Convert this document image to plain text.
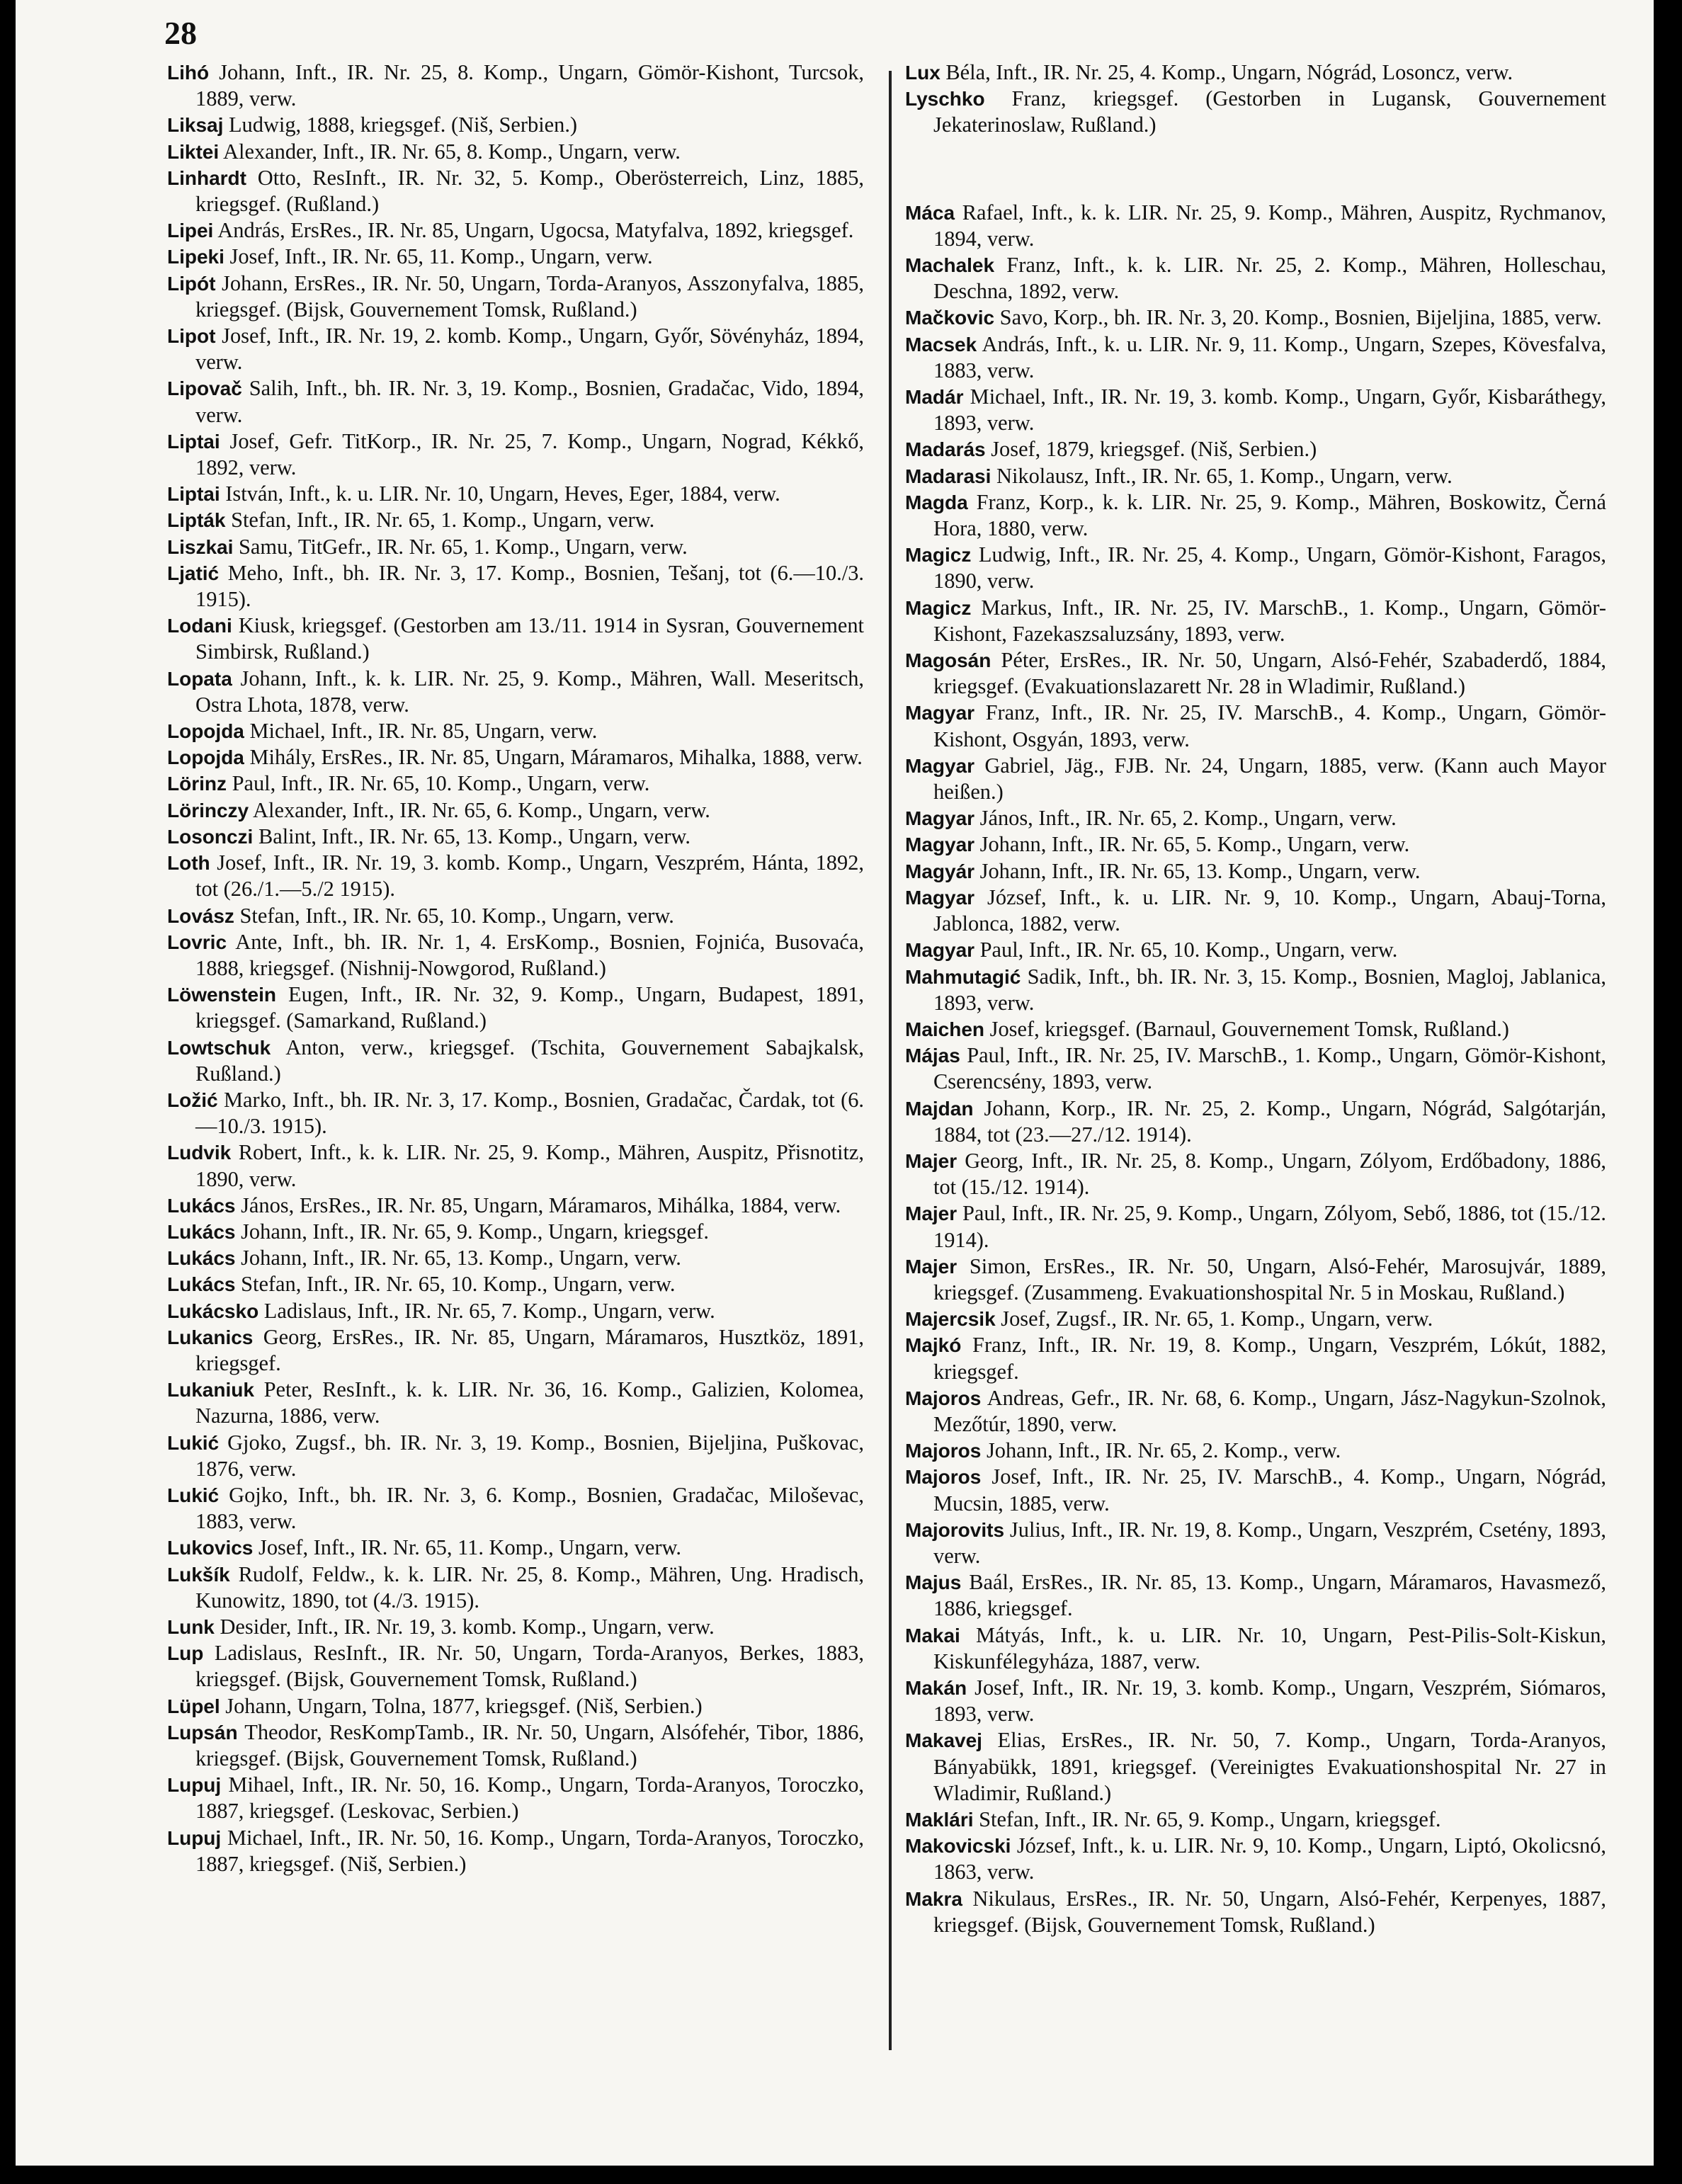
28

Lihó Johann, Inft., IR. Nr. 25, 8. Komp., Ungarn, Gömör-Kishont, Turcsok, 1889, verw.

Liksaj Ludwig, 1888, kriegsgef. (Niš, Serbien.)

Liktei Alexander, Inft., IR. Nr. 65, 8. Komp., Ungarn, verw.

Linhardt Otto, ResInft., IR. Nr. 32, 5. Komp., Oberösterreich, Linz, 1885, kriegsgef. (Rußland.)

Lipei András, ErsRes., IR. Nr. 85, Ungarn, Ugocsa, Matyfalva, 1892, kriegsgef.

Lipeki Josef, Inft., IR. Nr. 65, 11. Komp., Ungarn, verw.

Lipót Johann, ErsRes., IR. Nr. 50, Ungarn, Torda-Aranyos, Asszonyfalva, 1885, kriegsgef. (Bijsk, Gouvernement Tomsk, Rußland.)

Lipot Josef, Inft., IR. Nr. 19, 2. komb. Komp., Ungarn, Győr, Sövényház, 1894, verw.

Lipovač Salih, Inft., bh. IR. Nr. 3, 19. Komp., Bosnien, Gradačac, Vido, 1894, verw.

Liptai Josef, Gefr. TitKorp., IR. Nr. 25, 7. Komp., Ungarn, Nograd, Kékkő, 1892, verw.

Liptai István, Inft., k. u. LIR. Nr. 10, Ungarn, Heves, Eger, 1884, verw.

Lipták Stefan, Inft., IR. Nr. 65, 1. Komp., Ungarn, verw.

Liszkai Samu, TitGefr., IR. Nr. 65, 1. Komp., Ungarn, verw.

Ljatić Meho, Inft., bh. IR. Nr. 3, 17. Komp., Bosnien, Tešanj, tot (6.—10./3. 1915).

Lodani Kiusk, kriegsgef. (Gestorben am 13./11. 1914 in Sysran, Gouvernement Simbirsk, Rußland.)

Lopata Johann, Inft., k. k. LIR. Nr. 25, 9. Komp., Mähren, Wall. Meseritsch, Ostra Lhota, 1878, verw.

Lopojda Michael, Inft., IR. Nr. 85, Ungarn, verw.

Lopojda Mihály, ErsRes., IR. Nr. 85, Ungarn, Máramaros, Mihalka, 1888, verw.

Lörinz Paul, Inft., IR. Nr. 65, 10. Komp., Ungarn, verw.

Lörinczy Alexander, Inft., IR. Nr. 65, 6. Komp., Ungarn, verw.

Losonczi Balint, Inft., IR. Nr. 65, 13. Komp., Ungarn, verw.

Loth Josef, Inft., IR. Nr. 19, 3. komb. Komp., Ungarn, Veszprém, Hánta, 1892, tot (26./1.—5./2 1915).

Lovász Stefan, Inft., IR. Nr. 65, 10. Komp., Ungarn, verw.

Lovric Ante, Inft., bh. IR. Nr. 1, 4. ErsKomp., Bosnien, Fojnića, Busovaća, 1888, kriegsgef. (Nishnij-Nowgorod, Rußland.)

Löwenstein Eugen, Inft., IR. Nr. 32, 9. Komp., Ungarn, Budapest, 1891, kriegsgef. (Samarkand, Rußland.)

Lowtschuk Anton, verw., kriegsgef. (Tschita, Gouvernement Sabajkalsk, Rußland.)

Ložić Marko, Inft., bh. IR. Nr. 3, 17. Komp., Bosnien, Gradačac, Čardak, tot (6.—10./3. 1915).

Ludvik Robert, Inft., k. k. LIR. Nr. 25, 9. Komp., Mähren, Auspitz, Přisnotitz, 1890, verw.

Lukács János, ErsRes., IR. Nr. 85, Ungarn, Máramaros, Mihálka, 1884, verw.

Lukács Johann, Inft., IR. Nr. 65, 9. Komp., Ungarn, kriegsgef.

Lukács Johann, Inft., IR. Nr. 65, 13. Komp., Ungarn, verw.

Lukács Stefan, Inft., IR. Nr. 65, 10. Komp., Ungarn, verw.

Lukácsko Ladislaus, Inft., IR. Nr. 65, 7. Komp., Ungarn, verw.

Lukanics Georg, ErsRes., IR. Nr. 85, Ungarn, Máramaros, Husztköz, 1891, kriegsgef.

Lukaniuk Peter, ResInft., k. k. LIR. Nr. 36, 16. Komp., Galizien, Kolomea, Nazurna, 1886, verw.

Lukić Gjoko, Zugsf., bh. IR. Nr. 3, 19. Komp., Bosnien, Bijeljina, Puškovac, 1876, verw.

Lukić Gojko, Inft., bh. IR. Nr. 3, 6. Komp., Bosnien, Gradačac, Miloševac, 1883, verw.

Lukovics Josef, Inft., IR. Nr. 65, 11. Komp., Ungarn, verw.

Lukšík Rudolf, Feldw., k. k. LIR. Nr. 25, 8. Komp., Mähren, Ung. Hradisch, Kunowitz, 1890, tot (4./3. 1915).

Lunk Desider, Inft., IR. Nr. 19, 3. komb. Komp., Ungarn, verw.

Lup Ladislaus, ResInft., IR. Nr. 50, Ungarn, Torda-Aranyos, Berkes, 1883, kriegsgef. (Bijsk, Gouvernement Tomsk, Rußland.)

Lüpel Johann, Ungarn, Tolna, 1877, kriegsgef. (Niš, Serbien.)

Lupsán Theodor, ResKompTamb., IR. Nr. 50, Ungarn, Alsófehér, Tibor, 1886, kriegsgef. (Bijsk, Gouvernement Tomsk, Rußland.)

Lupuj Mihael, Inft., IR. Nr. 50, 16. Komp., Ungarn, Torda-Aranyos, Toroczko, 1887, kriegsgef. (Leskovac, Serbien.)

Lupuj Michael, Inft., IR. Nr. 50, 16. Komp., Ungarn, Torda-Aranyos, Toroczko, 1887, kriegsgef. (Niš, Serbien.)

Lux Béla, Inft., IR. Nr. 25, 4. Komp., Ungarn, Nógrád, Losoncz, verw.

Lyschko Franz, kriegsgef. (Gestorben in Lugansk, Gouvernement Jekaterinoslaw, Rußland.)

Máca Rafael, Inft., k. k. LIR. Nr. 25, 9. Komp., Mähren, Auspitz, Rychmanov, 1894, verw.

Machalek Franz, Inft., k. k. LIR. Nr. 25, 2. Komp., Mähren, Holleschau, Deschna, 1892, verw.

Mačkovic Savo, Korp., bh. IR. Nr. 3, 20. Komp., Bosnien, Bijeljina, 1885, verw.

Macsek András, Inft., k. u. LIR. Nr. 9, 11. Komp., Ungarn, Szepes, Kövesfalva, 1883, verw.

Madár Michael, Inft., IR. Nr. 19, 3. komb. Komp., Ungarn, Győr, Kisbaráthegy, 1893, verw.

Madarás Josef, 1879, kriegsgef. (Niš, Serbien.)

Madarasi Nikolausz, Inft., IR. Nr. 65, 1. Komp., Ungarn, verw.

Magda Franz, Korp., k. k. LIR. Nr. 25, 9. Komp., Mähren, Boskowitz, Černá Hora, 1880, verw.

Magicz Ludwig, Inft., IR. Nr. 25, 4. Komp., Ungarn, Gömör-Kishont, Faragos, 1890, verw.

Magicz Markus, Inft., IR. Nr. 25, IV. MarschB., 1. Komp., Ungarn, Gömör-Kishont, Fazekaszsaluzsány, 1893, verw.

Magosán Péter, ErsRes., IR. Nr. 50, Ungarn, Alsó-Fehér, Szabaderdő, 1884, kriegsgef. (Evakuationslazarett Nr. 28 in Wladimir, Rußland.)

Magyar Franz, Inft., IR. Nr. 25, IV. MarschB., 4. Komp., Ungarn, Gömör-Kishont, Osgyán, 1893, verw.

Magyar Gabriel, Jäg., FJB. Nr. 24, Ungarn, 1885, verw. (Kann auch Mayor heißen.)

Magyar János, Inft., IR. Nr. 65, 2. Komp., Ungarn, verw.

Magyar Johann, Inft., IR. Nr. 65, 5. Komp., Ungarn, verw.

Magyár Johann, Inft., IR. Nr. 65, 13. Komp., Ungarn, verw.

Magyar József, Inft., k. u. LIR. Nr. 9, 10. Komp., Ungarn, Abauj-Torna, Jablonca, 1882, verw.

Magyar Paul, Inft., IR. Nr. 65, 10. Komp., Ungarn, verw.

Mahmutagić Sadik, Inft., bh. IR. Nr. 3, 15. Komp., Bosnien, Magloj, Jablanica, 1893, verw.

Maichen Josef, kriegsgef. (Barnaul, Gouvernement Tomsk, Rußland.)

Májas Paul, Inft., IR. Nr. 25, IV. MarschB., 1. Komp., Ungarn, Gömör-Kishont, Cserencsény, 1893, verw.

Majdan Johann, Korp., IR. Nr. 25, 2. Komp., Ungarn, Nógrád, Salgótarján, 1884, tot (23.—27./12. 1914).

Majer Georg, Inft., IR. Nr. 25, 8. Komp., Ungarn, Zólyom, Erdőbadony, 1886, tot (15./12. 1914).

Majer Paul, Inft., IR. Nr. 25, 9. Komp., Ungarn, Zólyom, Sebő, 1886, tot (15./12. 1914).

Majer Simon, ErsRes., IR. Nr. 50, Ungarn, Alsó-Fehér, Marosujvár, 1889, kriegsgef. (Zusammeng. Evakuationshospital Nr. 5 in Moskau, Rußland.)

Majercsik Josef, Zugsf., IR. Nr. 65, 1. Komp., Ungarn, verw.

Majkó Franz, Inft., IR. Nr. 19, 8. Komp., Ungarn, Veszprém, Lókút, 1882, kriegsgef.

Majoros Andreas, Gefr., IR. Nr. 68, 6. Komp., Ungarn, Jász-Nagykun-Szolnok, Mezőtúr, 1890, verw.

Majoros Johann, Inft., IR. Nr. 65, 2. Komp., verw.

Majoros Josef, Inft., IR. Nr. 25, IV. MarschB., 4. Komp., Ungarn, Nógrád, Mucsin, 1885, verw.

Majorovits Julius, Inft., IR. Nr. 19, 8. Komp., Ungarn, Veszprém, Csetény, 1893, verw.

Majus Baál, ErsRes., IR. Nr. 85, 13. Komp., Ungarn, Máramaros, Havasmező, 1886, kriegsgef.

Makai Mátyás, Inft., k. u. LIR. Nr. 10, Ungarn, Pest-Pilis-Solt-Kiskun, Kiskunfélegyháza, 1887, verw.

Makán Josef, Inft., IR. Nr. 19, 3. komb. Komp., Ungarn, Veszprém, Siómaros, 1893, verw.

Makavej Elias, ErsRes., IR. Nr. 50, 7. Komp., Ungarn, Torda-Aranyos, Bányabükk, 1891, kriegsgef. (Vereinigtes Evakuationshospital Nr. 27 in Wladimir, Rußland.)

Maklári Stefan, Inft., IR. Nr. 65, 9. Komp., Ungarn, kriegsgef.

Makovicski József, Inft., k. u. LIR. Nr. 9, 10. Komp., Ungarn, Liptó, Okolicsnó, 1863, verw.

Makra Nikulaus, ErsRes., IR. Nr. 50, Ungarn, Alsó-Fehér, Kerpenyes, 1887, kriegsgef. (Bijsk, Gouvernement Tomsk, Rußland.)
